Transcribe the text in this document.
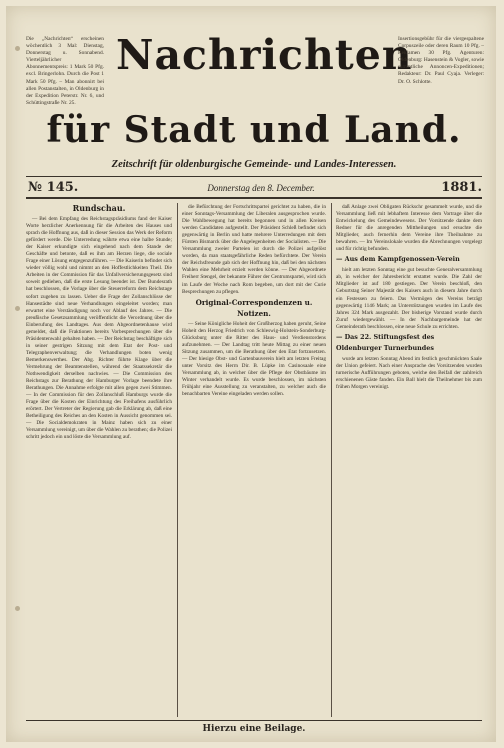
Die „Nachrichten“ erscheinen wöchentlich 3 Mal: Dienstag, Donnerstag u. Sonnabend. Vierteljährlicher Abonnementspreis: 1 Mark 50 Pfg. excl. Bringerlohn. Durch die Post 1 Mark 50 Pfg. – Man abonnirt bei allen Postanstalten, in Oldenburg in der Expedition Peterstr. Nr. 6, und Schüttingstraße Nr. 25.
Nachrichten
Insertionsgebühr für die viergespaltene Corpuszeile oder deren Raum 10 Pfg. – Reklamen 30 Pfg. Agenturen: Oldenburg: Hasenstein & Vogler, sowie sämmtliche Annoncen-Expeditionen; Redakteur: Dr. Paul Cyaja. Verleger: Dr. O. Schlotte.
für Stadt und Land.
Zeitschrift für oldenburgische Gemeinde- und Landes-Interessen.
№ 145.	Donnerstag den 8. December.	1881.
Rundschau.

— Bei dem Empfang des Reichstagspräsidiums fand der Kaiser Worte herzlicher Anerkennung für die Arbeiten des Hauses und sprach die Hoffnung aus, daß in dieser Session das Werk der Reform gefördert werde. Die Unterredung währte etwa eine halbe Stunde; der Kaiser erkundigte sich eingehend nach dem Stande der Geschäfte und betonte, daß es ihm am Herzen liege, die sociale Frage einer Lösung entgegenzuführen. — Die Kaiserin befindet sich wieder völlig wohl und nimmt an den Hoffestlichkeiten Theil. Die Arbeiten in der Commission für das Unfallversicherungsgesetz sind soweit gediehen, daß die erste Lesung beendet ist. Der Bundesrath hat beschlossen, die Vorlage über die Steuerreform dem Reichstage sofort zugehen zu lassen. Ueber die Frage der Zollanschlüsse der Hansestädte sind neue Verhandlungen eingeleitet worden; man erwartet eine Verständigung noch vor Ablauf des Jahres. — Die preußische Gesetzsammlung veröffentlicht die Verordnung über die Einberufung des Landtages. Aus dem Abgeordnetenhause wird gemeldet, daß die Fraktionen bereits Vorbesprechungen über die Präsidentenwahl gehalten haben. — Der Reichstag beschäftigte sich in seiner gestrigen Sitzung mit dem Etat der Post- und Telegraphenverwaltung; die Verhandlungen boten wenig Bemerkenswerthes. Der Abg. Richter führte Klage über die Vermehrung der Beamtenstellen, während der Staatssekretär die Nothwendigkeit derselben nachwies. — Die Commission des Reichstags zur Berathung der Hamburger Vorlage beendete ihre Berathungen. Die Annahme erfolgte mit allen gegen zwei Stimmen. — In der Commission für den Zollanschluß Hamburgs wurde die Frage über die Kosten der Einrichtung des Freihafens ausführlich erörtert. Der Vertreter der Regierung gab die Erklärung ab, daß eine Betheiligung des Reiches an den Kosten in Aussicht genommen sei. — Die Socialdemokraten in Mainz haben sich zu einer Versammlung vereinigt, um über die Wahlen zu berathen; die Polizei schritt jedoch ein und löste die Versammlung auf.

die Befürchtung der Fortschrittspartei gerichtet zu haben, die in einer Sonntags-Versammlung der Liberalen ausgesprochen wurde. Die Wahlbewegung hat bereits begonnen und in allen Kreisen werden Candidaten aufgestellt. Der Präsident Schleß befindet sich gegenwärtig in Berlin und hatte mehrere Unterredungen mit dem Fürsten Bismarck über die Angelegenheiten der Socialisten. — Die Versammlung zweier Parteien ist durch die Polizei aufgelöst worden, da man staatsgefährliche Reden befürchtete. Der Verein der Reichsfreunde gab sich der Hoffnung hin, daß bei den nächsten Wahlen eine Mehrheit erzielt werden könne. — Der Abgeordnete Freiherr Stengel, der bekannte Führer der Centrumspartei, wird sich im Laufe der Woche nach Rom begeben, um dort mit der Curie Besprechungen zu pflegen.

Original-Correspondenzen u. Notizen.

— Seine Königliche Hoheit der Großherzog haben geruht, Seine Hoheit den Herzog Friedrich von Schleswig-Holstein-Sonderburg-Glücksburg unter die Ritter des Haus- und Verdienstordens aufzunehmen. — Der Landtag tritt heute Mittag zu einer neuen Sitzung zusammen, um die Berathung über den Etat fortzusetzen. — Der hiesige Obst- und Gartenbauverein hielt am letzten Freitag unter Vorsitz des Herrn Dir. B. Lüpke im Casinosaale eine Versammlung ab, in welcher über die Pflege der Obstbäume im Winter verhandelt wurde. Es wurde beschlossen, im nächsten Frühjahr eine Ausstellung zu veranstalten, zu welcher auch die benachbarten Vereine eingeladen werden sollen.

daß Anlage zwei Obligaten Rückschr gesammelt wurde, und die Versammlung ließ mit lebhaftem Interesse dem Vortrage über die Entwickelung des Gemeindewesens. Der Vorsitzende dankte dem Redner für die anregenden Mittheilungen und ersuchte die Mitglieder, auch fernerhin dem Vereine ihre Theilnahme zu bewahren. — Im Vereinslokale wurden die Abrechnungen vorgelegt und für richtig befunden.

— Aus dem Kampfgenossen-Verein

hielt am letzten Sonntag eine gut besuchte Generalversammlung ab, in welcher der Jahresbericht erstattet wurde. Die Zahl der Mitglieder ist auf 180 gestiegen. Der Verein beschloß, den Geburtstag Seiner Majestät des Kaisers auch in diesem Jahre durch ein Festessen zu feiern. Das Vermögen des Vereins beträgt gegenwärtig 1146 Mark; an Unterstützungen wurden im Laufe des Jahres 324 Mark ausgezahlt. Der bisherige Vorstand wurde durch Zuruf wiedergewählt. — In der Nachbargemeinde hat der Gemeinderath beschlossen, eine neue Schule zu errichten.

— Das 22. Stiftungsfest des Oldenburger Turnerbundes

wurde am letzten Sonntag Abend im festlich geschmückten Saale der Union gefeiert. Nach einer Ansprache des Vorsitzenden wurden turnerische Aufführungen geboten, welche den Beifall der zahlreich erschienenen Gäste fanden. Ein Ball hielt die Theilnehmer bis zum frühen Morgen vereinigt.

Hierzu eine Beilage.
